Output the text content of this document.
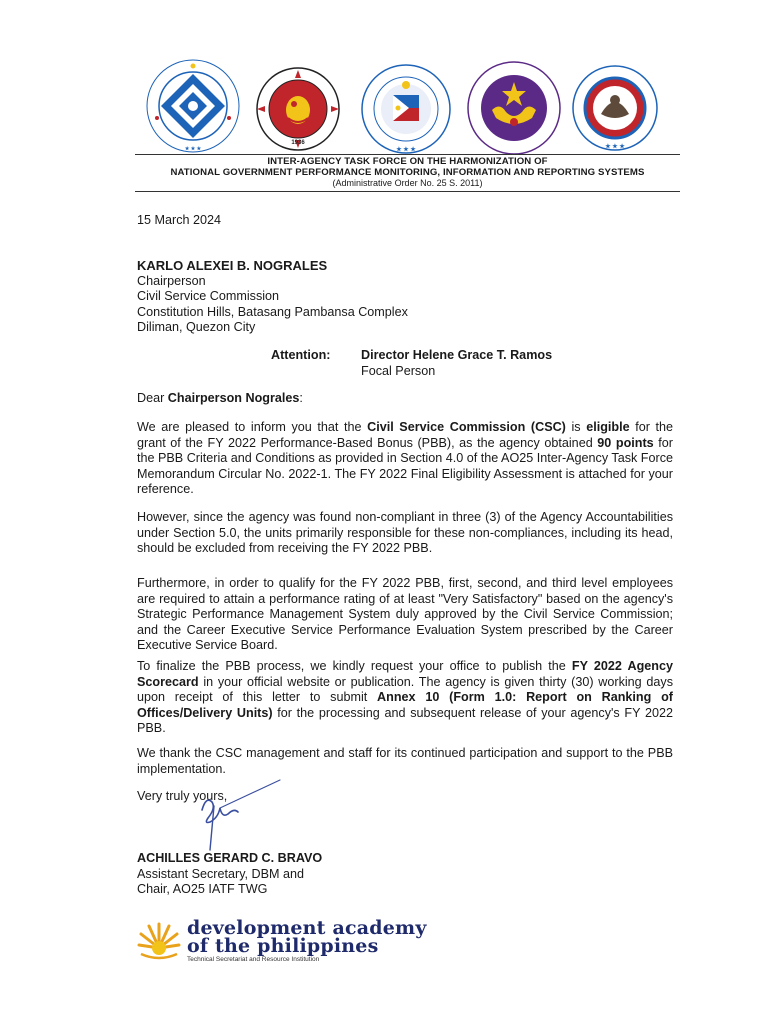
★ ★ ★
1936
★ ★ ★	★ ★ ★
INTER-AGENCY TASK FORCE ON THE HARMONIZATION OF
NATIONAL GOVERNMENT PERFORMANCE MONITORING, INFORMATION AND REPORTING SYSTEMS
(Administrative Order No. 25 S. 2011)
15 March 2024
KARLO ALEXEI B. NOGRALES
Chairperson
Civil Service Commission
Constitution Hills, Batasang Pambansa Complex
Diliman, Quezon City
Attention: Director Helene Grace T. Ramos
Focal Person
Dear Chairperson Nograles:
We are pleased to inform you that the Civil Service Commission (CSC) is eligible for the grant of the FY 2022 Performance-Based Bonus (PBB), as the agency obtained 90 points for the PBB Criteria and Conditions as provided in Section 4.0 of the AO25 Inter-Agency Task Force Memorandum Circular No. 2022-1. The FY 2022 Final Eligibility Assessment is attached for your reference.
However, since the agency was found non-compliant in three (3) of the Agency Accountabilities under Section 5.0, the units primarily responsible for these non-compliances, including its head, should be excluded from receiving the FY 2022 PBB.
Furthermore, in order to qualify for the FY 2022 PBB, first, second, and third level employees are required to attain a performance rating of at least "Very Satisfactory" based on the agency's Strategic Performance Management System duly approved by the Civil Service Commission; and the Career Executive Service Performance Evaluation System prescribed by the Career Executive Service Board.
To finalize the PBB process, we kindly request your office to publish the FY 2022 Agency Scorecard in your official website or publication. The agency is given thirty (30) working days upon receipt of this letter to submit Annex 10 (Form 1.0: Report on Ranking of Offices/Delivery Units) for the processing and subsequent release of your agency's FY 2022 PBB.
We thank the CSC management and staff for its continued participation and support to the PBB implementation.
Very truly yours,
ACHILLES GERARD C. BRAVO
Assistant Secretary, DBM and
Chair, AO25 IATF TWG
development academy
of the philippines
Technical Secretariat and Resource Institution
